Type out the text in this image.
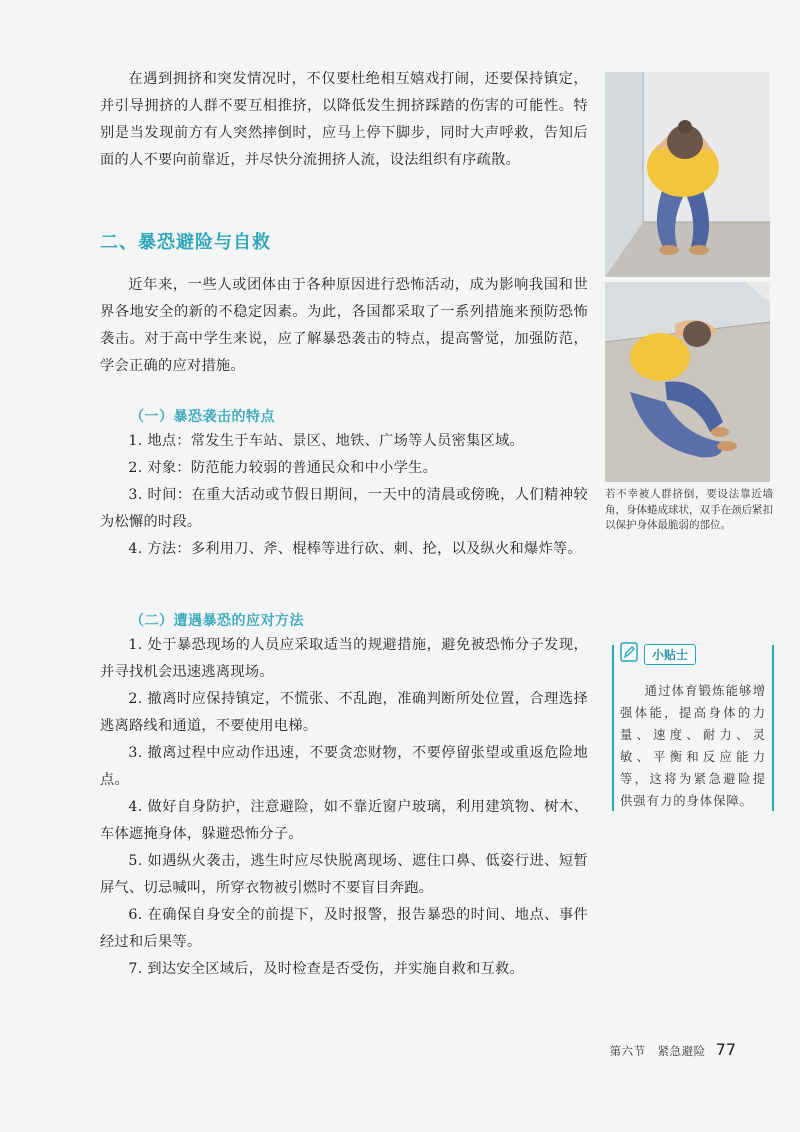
在遇到拥挤和突发情况时，不仅要杜绝相互嬉戏打闹，还要保持镇定，并引导拥挤的人群不要互相推挤，以降低发生拥挤踩踏的伤害的可能性。特别是当发现前方有人突然摔倒时，应马上停下脚步，同时大声呼救，告知后面的人不要向前靠近，并尽快分流拥挤人流，设法组织有序疏散。

二、暴恐避险与自救

近年来，一些人或团体由于各种原因进行恐怖活动，成为影响我国和世界各地安全的新的不稳定因素。为此，各国都采取了一系列措施来预防恐怖袭击。对于高中学生来说，应了解暴恐袭击的特点，提高警觉，加强防范，学会正确的应对措施。

（一）暴恐袭击的特点

1. 地点：常发生于车站、景区、地铁、广场等人员密集区域。

2. 对象：防范能力较弱的普通民众和中小学生。

3. 时间：在重大活动或节假日期间，一天中的清晨或傍晚，人们精神较为松懈的时段。

4. 方法：多利用刀、斧、棍棒等进行砍、刺、抡，以及纵火和爆炸等。

（二）遭遇暴恐的应对方法

1. 处于暴恐现场的人员应采取适当的规避措施，避免被恐怖分子发现，并寻找机会迅速逃离现场。

2. 撤离时应保持镇定，不慌张、不乱跑，准确判断所处位置，合理选择逃离路线和通道，不要使用电梯。

3. 撤离过程中应动作迅速，不要贪恋财物，不要停留张望或重返危险地点。

4. 做好自身防护，注意避险，如不靠近窗户玻璃，利用建筑物、树木、车体遮掩身体，躲避恐怖分子。

5. 如遇纵火袭击，逃生时应尽快脱离现场、遮住口鼻、低姿行进、短暂屏气、切忌喊叫，所穿衣物被引燃时不要盲目奔跑。

6. 在确保自身安全的前提下，及时报警，报告暴恐的时间、地点、事件经过和后果等。

7. 到达安全区域后，及时检查是否受伤，并实施自救和互救。

若不幸被人群挤倒，要设法靠近墙角，身体蜷成球状，双手在颈后紧扣以保护身体最脆弱的部位。
小贴士
通过体育锻炼能够增强体能，提高身体的力量、速度、耐力、灵敏、平衡和反应能力等，这将为紧急避险提供强有力的身体保障。
第六节　紧急避险 77
